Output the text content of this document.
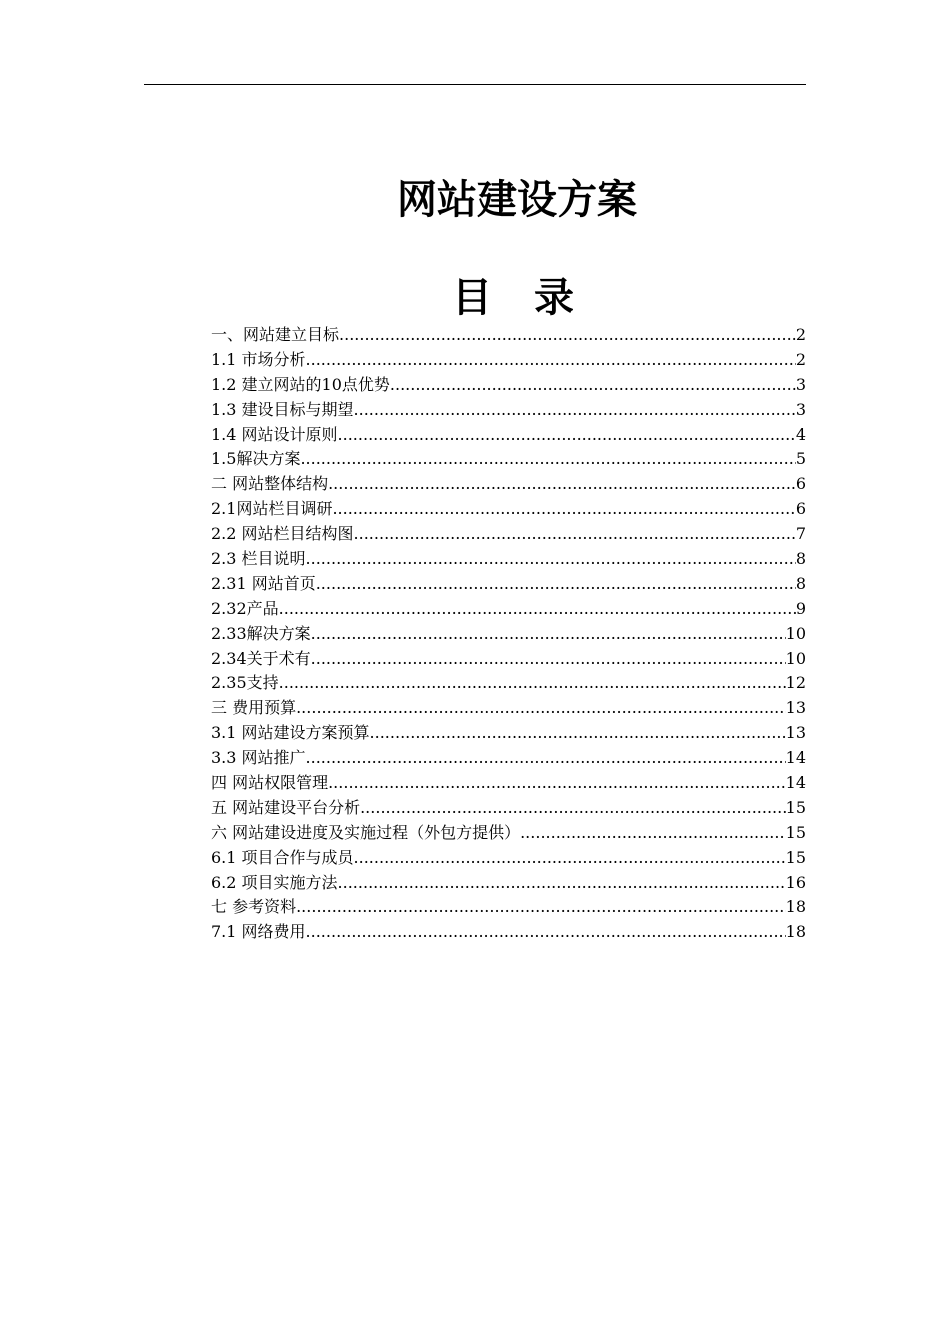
网站建设方案
目 录
一、网站建立目标 .....	2
1.1 市场分析 .....	2
1.2 建立网站的10点优势 .....	3
1.3 建设目标与期望 .....	3
1.4 网站设计原则 .....	4
1.5解决方案 .....	5
二 网站整体结构 .....	6
2.1网站栏目调研 .....	6
2.2 网站栏目结构图 .....	7
2.3 栏目说明 .....	8
2.31 网站首页 .....	8
2.32产品 .....	9
2.33解决方案 .....	10
2.34关于术有 .....	10
2.35支持 .....	12
三 费用预算 .....	13
3.1 网站建设方案预算 .....	13
3.3 网站推广 .....	14
四 网站权限管理 .....	14
五 网站建设平台分析 .....	15
六 网站建设进度及实施过程（外包方提供） .....	15
6.1 项目合作与成员 .....	15
6.2 项目实施方法 .....	16
七 参考资料 .....	18
7.1 网络费用 .....	18
